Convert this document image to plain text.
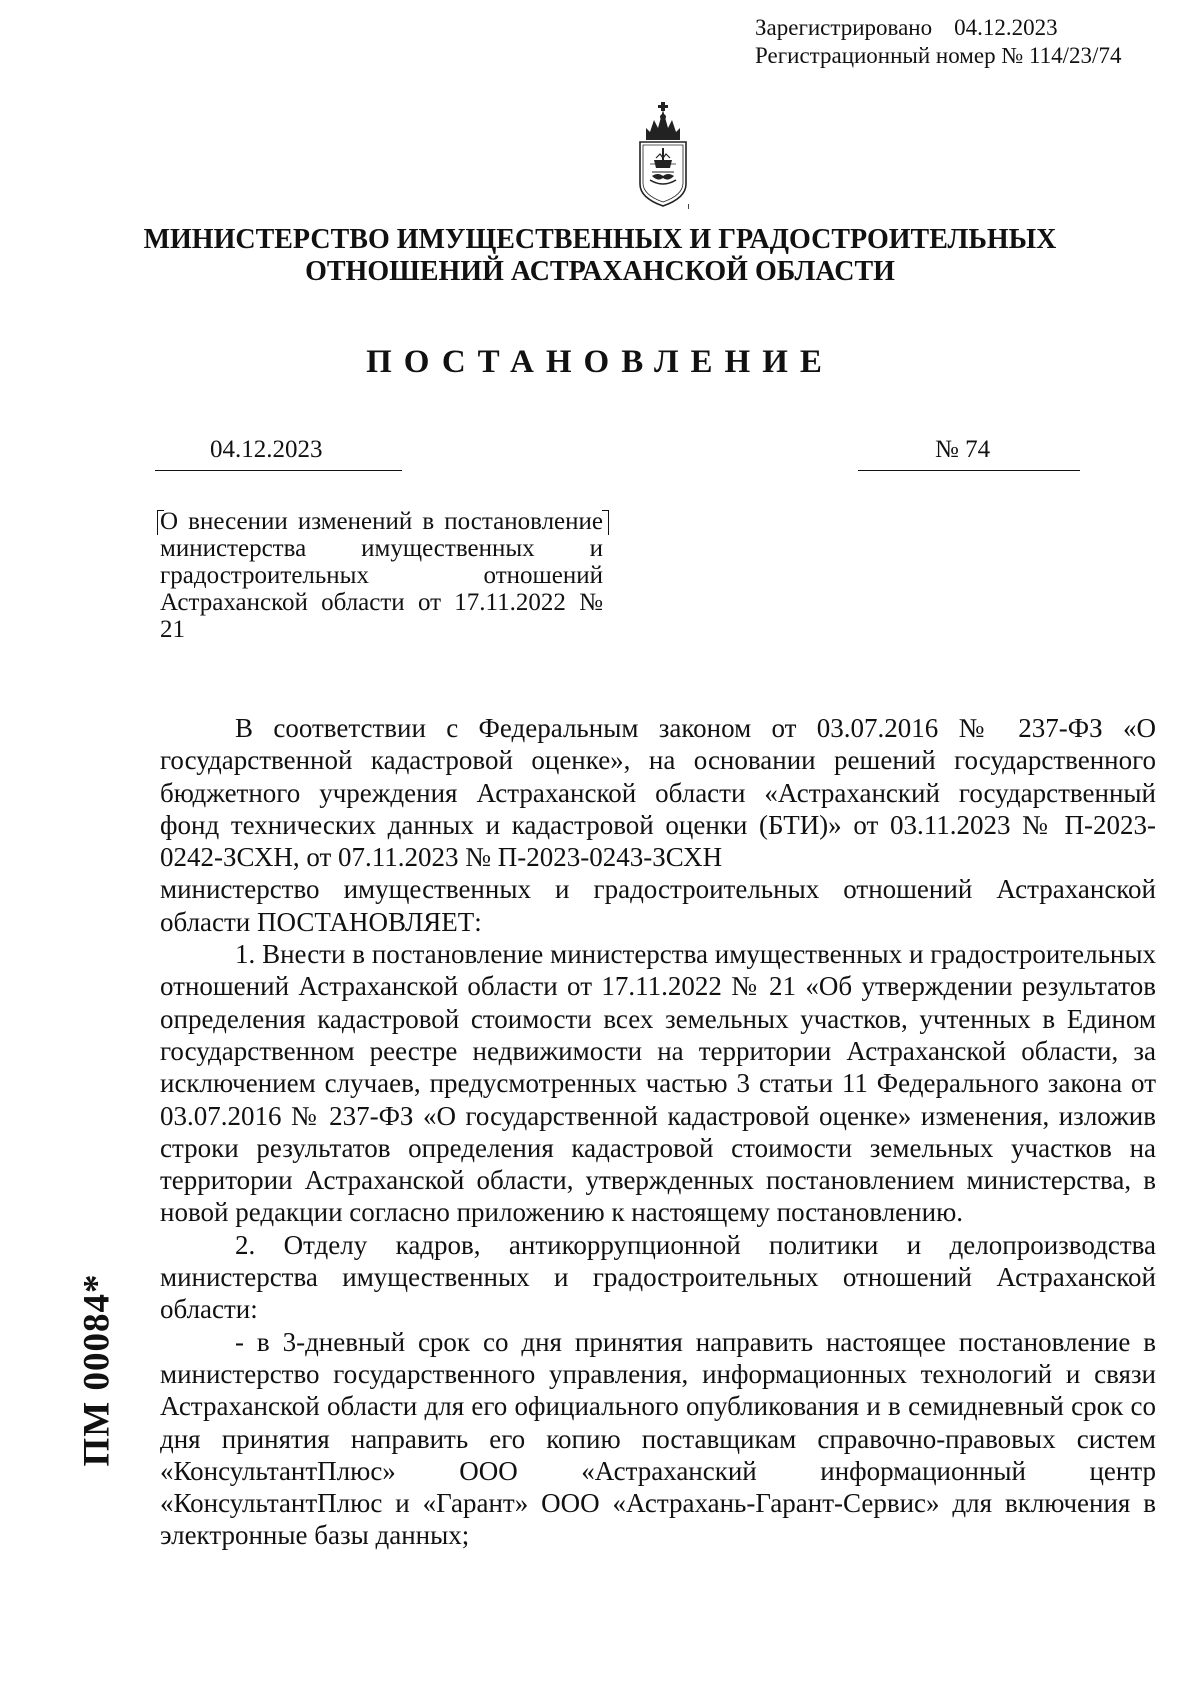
Зарегистрировано 04.12.2023
Регистрационный номер № 114/23/74
МИНИСТЕРСТВО ИМУЩЕСТВЕННЫХ И ГРАДОСТРОИТЕЛЬНЫХ
ОТНОШЕНИЙ АСТРАХАНСКОЙ ОБЛАСТИ
ПОСТАНОВЛЕНИЕ
04.12.2023	№ 74
О внесении изменений в постановление министерства имущественных и градостроительных отношений Астраханской области от 17.11.2022 № 21

В соответствии с Федеральным законом от 03.07.2016 № 237-ФЗ «О государственной кадастровой оценке», на основании решений государственного бюджетного учреждения Астраханской области «Астраханский государственный фонд технических данных и кадастровой оценки (БТИ)» от 03.11.2023 № П-2023-0242-ЗСХН, от 07.11.2023 № П-2023-0243-ЗСХН

министерство имущественных и градостроительных отношений Астраханской области ПОСТАНОВЛЯЕТ:

1. Внести в постановление министерства имущественных и градостроительных отношений Астраханской области от 17.11.2022 № 21 «Об утверждении результатов определения кадастровой стоимости всех земельных участков, учтенных в Едином государственном реестре недвижимости на территории Астраханской области, за исключением случаев, предусмотренных частью 3 статьи 11 Федерального закона от 03.07.2016 № 237-ФЗ «О государственной кадастровой оценке» изменения, изложив строки результатов определения кадастровой стоимости земельных участков на территории Астраханской области, утвержденных постановлением министерства, в новой редакции согласно приложению к настоящему постановлению.

2. Отделу кадров, антикоррупционной политики и делопроизводства министерства имущественных и градостроительных отношений Астраханской области:

- в 3-дневный срок со дня принятия направить настоящее постановление в министерство государственного управления, информационных технологий и связи Астраханской области для его официального опубликования и в семидневный срок со дня принятия направить его копию поставщикам справочно-правовых систем «КонсультантПлюс» ООО «Астраханский информационный центр «КонсультантПлюс и «Гарант» ООО «Астрахань-Гарант-Сервис» для включения в электронные базы данных;

ПМ 00084*
